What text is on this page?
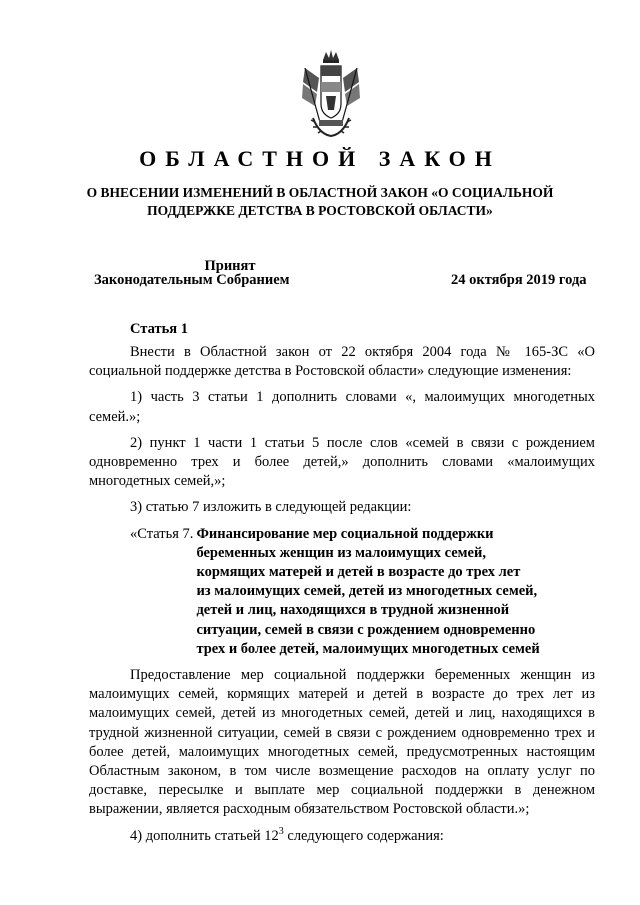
ОБЛАСТНОЙ ЗАКОН
О ВНЕСЕНИИ ИЗМЕНЕНИЙ В ОБЛАСТНОЙ ЗАКОН «О СОЦИАЛЬНОЙ
ПОДДЕРЖКЕ ДЕТСТВА В РОСТОВСКОЙ ОБЛАСТИ»
Принят
Законодательным Собранием	24 октября 2019 года
Статья 1

Внести в Областной закон от 22 октября 2004 года № 165-ЗС «О социальной поддержке детства в Ростовской области» следующие изменения:

1) часть 3 статьи 1 дополнить словами «, малоимущих многодетных семей.»;

2) пункт 1 части 1 статьи 5 после слов «семей в связи с рождением одновременно трех и более детей,» дополнить словами «малоимущих многодетных семей,»;

3) статью 7 изложить в следующей редакции:

«Статья 7. Финансирование мер социальной поддержки
беременных женщин из малоимущих семей,
кормящих матерей и детей в возрасте до трех лет
из малоимущих семей, детей из многодетных семей,
детей и лиц, находящихся в трудной жизненной
ситуации, семей в связи с рождением одновременно
трех и более детей, малоимущих многодетных семей

Предоставление мер социальной поддержки беременных женщин из малоимущих семей, кормящих матерей и детей в возрасте до трех лет из малоимущих семей, детей из многодетных семей, детей и лиц, находящихся в трудной жизненной ситуации, семей в связи с рождением одновременно трех и более детей, малоимущих многодетных семей, предусмотренных настоящим Областным законом, в том числе возмещение расходов на оплату услуг по доставке, пересылке и выплате мер социальной поддержки в денежном выражении, является расходным обязательством Ростовской области.»;

4) дополнить статьей $12^3$ следующего содержания:
